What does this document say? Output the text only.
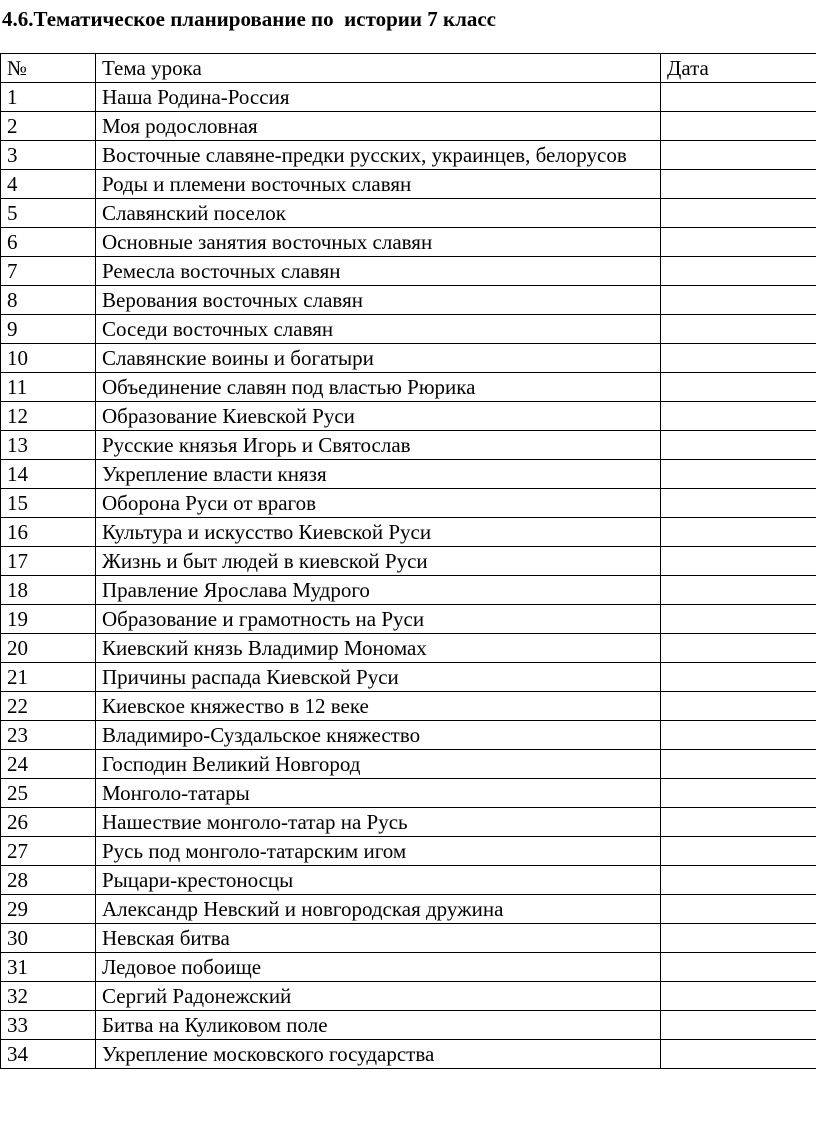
4.6.Тематическое планирование по  истории 7 класс
№	Тема урока	Дата
1	Наша Родина-Россия	
2	Моя родословная	
3	Восточные славяне-предки русских, украинцев, белорусов	
4	Роды и племени восточных славян	
5	Славянский поселок	
6	Основные занятия восточных славян	
7	Ремесла восточных славян	
8	Верования восточных славян	
9	Соседи восточных славян	
10	Славянские воины и богатыри	
11	Объединение славян под властью Рюрика	
12	Образование Киевской Руси	
13	Русские князья Игорь и Святослав	
14	Укрепление власти князя	
15	Оборона Руси от врагов	
16	Культура и искусство Киевской Руси	
17	Жизнь и быт людей в киевской Руси	
18	Правление Ярослава Мудрого	
19	Образование и грамотность на Руси	
20	Киевский князь Владимир Мономах	
21	Причины распада Киевской Руси	
22	Киевское княжество в 12 веке	
23	Владимиро-Суздальское княжество	
24	Господин Великий Новгород	
25	Монголо-татары	
26	Нашествие монголо-татар на Русь	
27	Русь под монголо-татарским игом	
28	Рыцари-крестоносцы	
29	Александр Невский и новгородская дружина	
30	Невская битва	
31	Ледовое побоище	
32	Сергий Радонежский	
33	Битва на Куликовом поле	
34	Укрепление московского государства	
